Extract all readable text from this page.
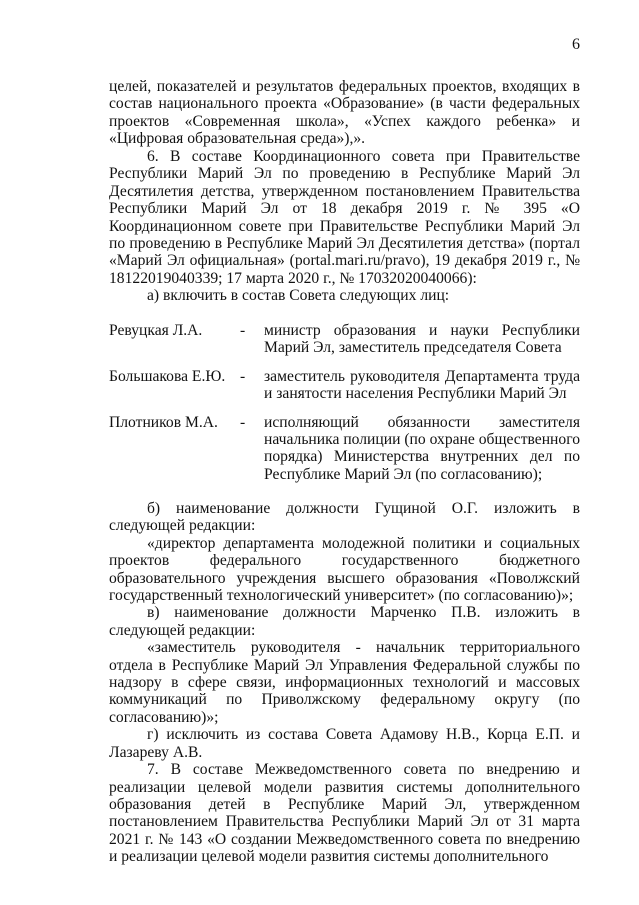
6
целей, показателей и результатов федеральных проектов, входящих в состав национального проекта «Образование» (в части федеральных проектов «Современная школа», «Успех каждого ребенка» и «Цифровая образовательная среда»),».
6. В составе Координационного совета при Правительстве Республики Марий Эл по проведению в Республике Марий Эл Десятилетия детства, утвержденном постановлением Правительства Республики Марий Эл от 18 декабря 2019 г. № 395 «О Координационном совете при Правительстве Республики Марий Эл по проведению в Республике Марий Эл Десятилетия детства» (портал «Марий Эл официальная» (portal.mari.ru/pravo), 19 декабря 2019 г., № 18122019040339; 17 марта 2020 г., № 17032020040066):
а) включить в состав Совета следующих лиц:
Ревуцкая Л.А.	-	министр образования и науки Республики Марий Эл, заместитель председателя Совета
Большакова Е.Ю. -	заместитель руководителя Департамента труда и занятости населения Республики Марий Эл
Плотников М.А.	-	исполняющий обязанности заместителя начальника полиции (по охране общественного порядка) Министерства внутренних дел по Республике Марий Эл (по согласованию);
б) наименование должности Гущиной О.Г. изложить в следующей редакции:
«директор департамента молодежной политики и социальных проектов федерального государственного бюджетного образовательного учреждения высшего образования «Поволжский государственный технологический университет» (по согласованию)»;
в) наименование должности Марченко П.В. изложить в следующей редакции:
«заместитель руководителя - начальник территориального отдела в Республике Марий Эл Управления Федеральной службы по надзору в сфере связи, информационных технологий и массовых коммуникаций по Приволжскому федеральному округу (по согласованию)»;
г) исключить из состава Совета Адамову Н.В., Корца Е.П. и Лазареву А.В.
7. В составе Межведомственного совета по внедрению и реализации целевой модели развития системы дополнительного образования детей в Республике Марий Эл, утвержденном постановлением Правительства Республики Марий Эл от 31 марта 2021 г. № 143 «О создании Межведомственного совета по внедрению и реализации целевой модели развития системы дополнительного
